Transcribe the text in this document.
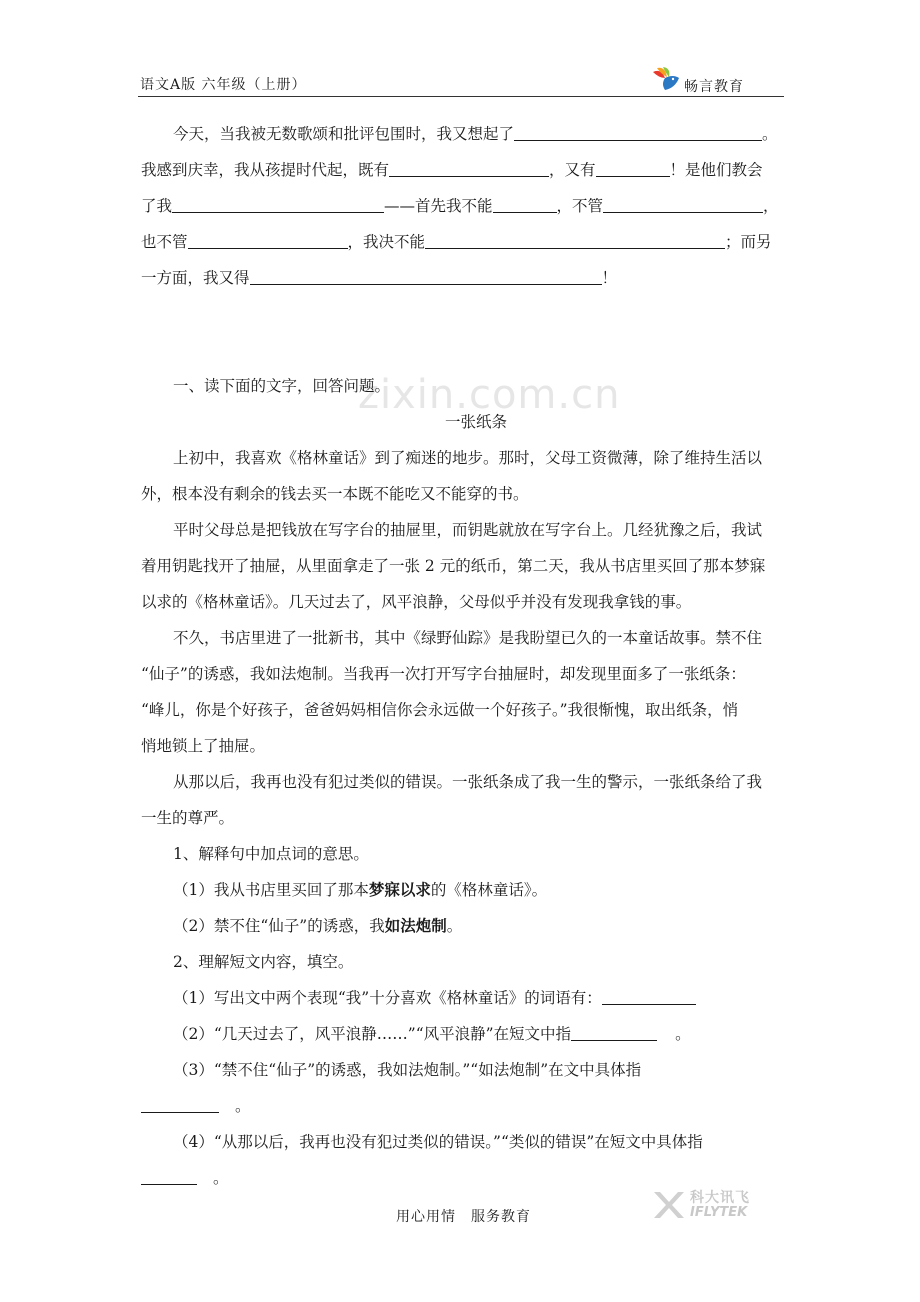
语文A版 六年级（上册）	畅言教育
zixin.com.cn
今天，当我被无数歌颂和批评包围时，我又想起了	。
我感到庆幸，我从孩提时代起，既有	，又有	！是他们教会
了我	——首先我不能	，不管	，
也不管	，我决不能	；而另
一方面，我又得	！
一、读下面的文字，回答问题。
一张纸条
上初中，我喜欢《格林童话》到了痴迷的地步。那时，父母工资微薄，除了维持生活以
外，根本没有剩余的钱去买一本既不能吃又不能穿的书。
平时父母总是把钱放在写字台的抽屉里，而钥匙就放在写字台上。几经犹豫之后，我试
着用钥匙找开了抽屉，从里面拿走了一张 2 元的纸币，第二天，我从书店里买回了那本梦寐
以求的《格林童话》。几天过去了，风平浪静，父母似乎并没有发现我拿钱的事。
不久，书店里进了一批新书，其中《绿野仙踪》是我盼望已久的一本童话故事。禁不住
“仙子”的诱惑，我如法炮制。当我再一次打开写字台抽屉时，却发现里面多了一张纸条：
“峰儿，你是个好孩子，爸爸妈妈相信你会永远做一个好孩子。”我很惭愧，取出纸条，悄
悄地锁上了抽屉。
从那以后，我再也没有犯过类似的错误。一张纸条成了我一生的警示，一张纸条给了我
一生的尊严。
1、解释句中加点词的意思。
（1）我从书店里买回了那本梦寐以求的《格林童话》。
（2）禁不住“仙子”的诱惑，我如法炮制。
2、理解短文内容，填空。
（1）写出文中两个表现“我”十分喜欢《格林童话》的词语有：
（2）“几天过去了，风平浪静……”“风平浪静”在短文中指	。
（3）“禁不住“仙子”的诱惑，我如法炮制。”“如法炮制”在文中具体指
。
（4）“从那以后，我再也没有犯过类似的错误。”“类似的错误”在短文中具体指
。
用心用情　服务教育
科大讯飞
IFLYTEK
